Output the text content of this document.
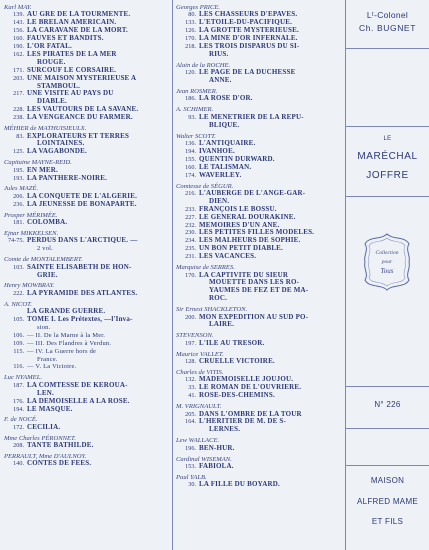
Karl MAY.
139. AU GRÉ DE LA TOURMENTE.
143. LE BRELAN AMÉRICAIN.
156. LA CARAVANE DE LA MORT.
160. FAUVES ET BANDITS.
190. L'OR FATAL.
162. LES PIRATES DE LA MER
ROUGE.
171. SURCOUF LE CORSAIRE.
203. UNE MAISON MYSTÉRIEUSE A
STAMBOUL.
217. UNE VISITE AU PAYS DU
DIABLE.
228. LES VAUTOURS DE LA SAVANE.
238. LA VENGEANCE DU FARMER.
MÉHIER de MATHUISIEULX.
83. EXPLORATEURS ET TERRES
LOINTAINES.
125. LA VAGABONDE.
Capitaine MAYNE-REID.
195. EN MER.
193. LA PANTHÈRE-NOIRE.
Jules MAZÉ.
206. LA CONQUÊTE DE L'ALGÉRIE.
236. LA JEUNESSE DE BONAPARTE.
Prosper MÉRIMÉE.
181. COLOMBA.
Ejnar MIKKELSEN.
74-75. PERDUS DANS L'ARCTIQUE. —
2 vol.
Comte de MONTALEMBERT.
103. SAINTE ÉLISABETH DE HON-
GRIE.
Henry MOWBRAY.
222. LA PYRAMIDE DES ATLANTES.
A. NICOT.
LA GRANDE GUERRE.
105. TOME I. Les Prétextes, —l'Inva-
sion.
106. — II. De la Marne à la Mer.
109. — III. Des Flandres à Verdun.
115. — IV. La Guerre hors de
France.
116. — V. La Victoire.
Luc NYAMEL.
187. LA COMTESSE DE KÉROUA-
LEN.
176. LA DEMOISELLE A LA ROSE.
194. LE MASQUE.
F. de NOCÉ.
172. CÉCILIA.
Mme Charles PÉRONNET.
208. TANTE BATHILDE.
PERRAULT, Mme D'AULNOY.
140. CONTES DE FÉES.
Georges PRICE.
80. LES CHASSEURS D'ÉPAVES.
133. L'ÉTOILE-DU-PACIFIQUE.
126. LA GROTTE MYSTÉRIEUSE.
170. LA MINE D'OR INFERNALE.
218. LES TROIS DISPARUS DU SI-
RIUS.
Alain de la ROCHE.
120. LE PAGE DE LA DUCHESSE
ANNE.
Jean ROSMER.
186. LA ROSE D'OR.
A. SCHIMER.
93. LE MÉNÉTRIER DE LA RÉPU-
BLIQUE.
Walter SCOTT.
136. L'ANTIQUAIRE.
194. IVANHOE.
155. QUENTIN DURWARD.
160. LE TALISMAN.
174. WAVERLEY.
Comtesse de SÉGUR.
216. L'AUBERGE DE L'ANGE-GAR-
DIEN.
233. FRANÇOIS LE BOSSU.
227. LE GÉNÉRAL DOURAKINE.
232. MÉMOIRES D'UN ÂNE.
230. LES PETITES FILLES MODÈLES.
234. LES MALHEURS DE SOPHIE.
235. UN BON PETIT DIABLE.
231. LES VACANCES.
Marquise de SERRES.
170. LA CAPTIVITÉ DU SIEUR
MOUETTE DANS LES RO-
YAUMES DE FEZ ET DE MA-
ROC.
Sir Ernest SHACKLETON.
200. MON EXPÉDITION AU SUD PO-
LAIRE.
STEVENSON.
197. L'ÎLE AU TRÉSOR.
Maurice VALLET.
128. CRUELLE VICTOIRE.
Charles de VITIS.
132. MADEMOISELLE JOUJOU.
33. LE ROMAN DE L'OUVRIÈRE.
41. ROSE-DES-CHEMINS.
M. VRIGNAULT.
205. DANS L'OMBRE DE LA TOUR
164. L'HÉRITIER DE M. DE S-
LERNES.
Lew WALLACE.
196. BEN-HUR.
Cardinal WISEMAN.
153. FABIOLA.
Paul YALB.
30. LA FILLE DU BOYARD.
Lᵗ-Colonel
Ch. BUGNET
LE
MARÉCHAL
JOFFRE
N° 226
MAISON
ALFRED MAME
ET FILS
Collection
pour
Tous
